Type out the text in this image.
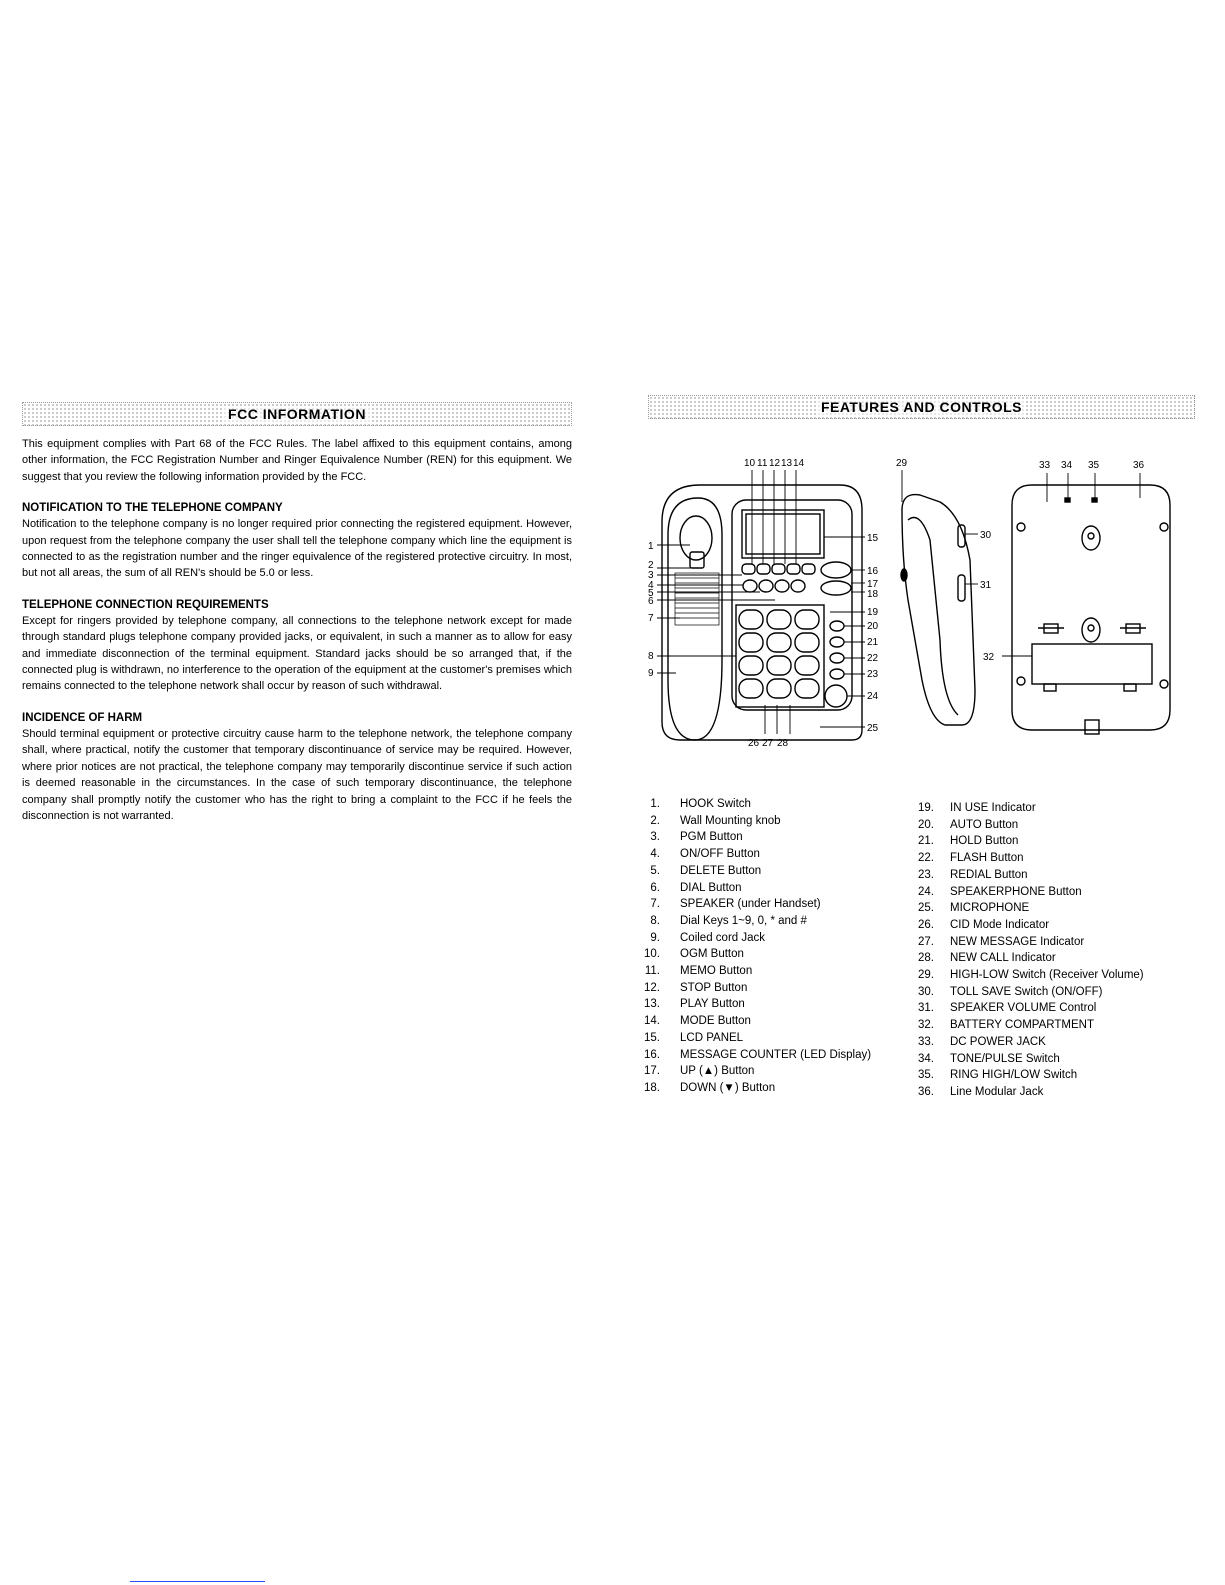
FCC INFORMATION

This equipment complies with Part 68 of the FCC Rules. The label affixed to this equipment contains, among other information, the FCC Registration Number and Ringer Equivalence Number (REN) for this equipment. We suggest that you review the following information provided by the FCC.

NOTIFICATION TO THE TELEPHONE COMPANY

Notification to the telephone company is no longer required prior connecting the registered equipment. However, upon request from the telephone company the user shall tell the telephone company which line the equipment is connected to as the registration number and the ringer equivalence of the registered protective circuitry. In most, but not all areas, the sum of all REN's should be 5.0 or less.

TELEPHONE CONNECTION REQUIREMENTS

Except for ringers provided by telephone company, all connections to the telephone network except for made through standard plugs telephone company provided jacks, or equivalent, in such a manner as to allow for easy and immediate disconnection of the terminal equipment. Standard jacks should be so arranged that, if the connected plug is withdrawn, no interference to the operation of the equipment at the customer's premises which remains connected to the telephone network shall occur by reason of such withdrawal.

INCIDENCE OF HARM

Should terminal equipment or protective circuitry cause harm to the telephone network, the telephone company shall, where practical, notify the customer that temporary discontinuance of service may be required. However, where prior notices are not practical, the telephone company may temporarily discontinue service if such action is deemed reasonable in the circumstances. In the case of such temporary discontinuance, the telephone company shall promptly notify the customer who has the right to bring a complaint to the FCC if he feels the disconnection is not warranted.

FEATURES AND CONTROLS
10 11 12 13 14	29	33 34 35	36
1
2
3
4
5
6
7
8
9
15
16
17
18
19
20
21
22
23
24
25
26 27 28
30
31
32
1.	HOOK Switch
2.	Wall Mounting knob
3.	PGM Button
4.	ON/OFF Button
5.	DELETE Button
6.	DIAL Button
7.	SPEAKER (under Handset)
8.	Dial Keys 1~9, 0, * and #
9.	Coiled cord Jack
10.	OGM Button
11.	MEMO Button
12.	STOP Button
13.	PLAY Button
14.	MODE Button
15.	LCD PANEL
16.	MESSAGE COUNTER (LED Display)
17.	UP (▲) Button
18.	DOWN (▼) Button
19.	IN USE Indicator
20.	AUTO Button
21.	HOLD Button
22.	FLASH Button
23.	REDIAL Button
24.	SPEAKERPHONE Button
25.	MICROPHONE
26.	CID Mode Indicator
27.	NEW MESSAGE Indicator
28.	NEW CALL Indicator
29.	HIGH-LOW Switch (Receiver Volume)
30.	TOLL SAVE Switch (ON/OFF)
31.	SPEAKER VOLUME Control
32.	BATTERY COMPARTMENT
33.	DC POWER JACK
34.	TONE/PULSE Switch
35.	RING HIGH/LOW Switch
36.	Line Modular Jack
